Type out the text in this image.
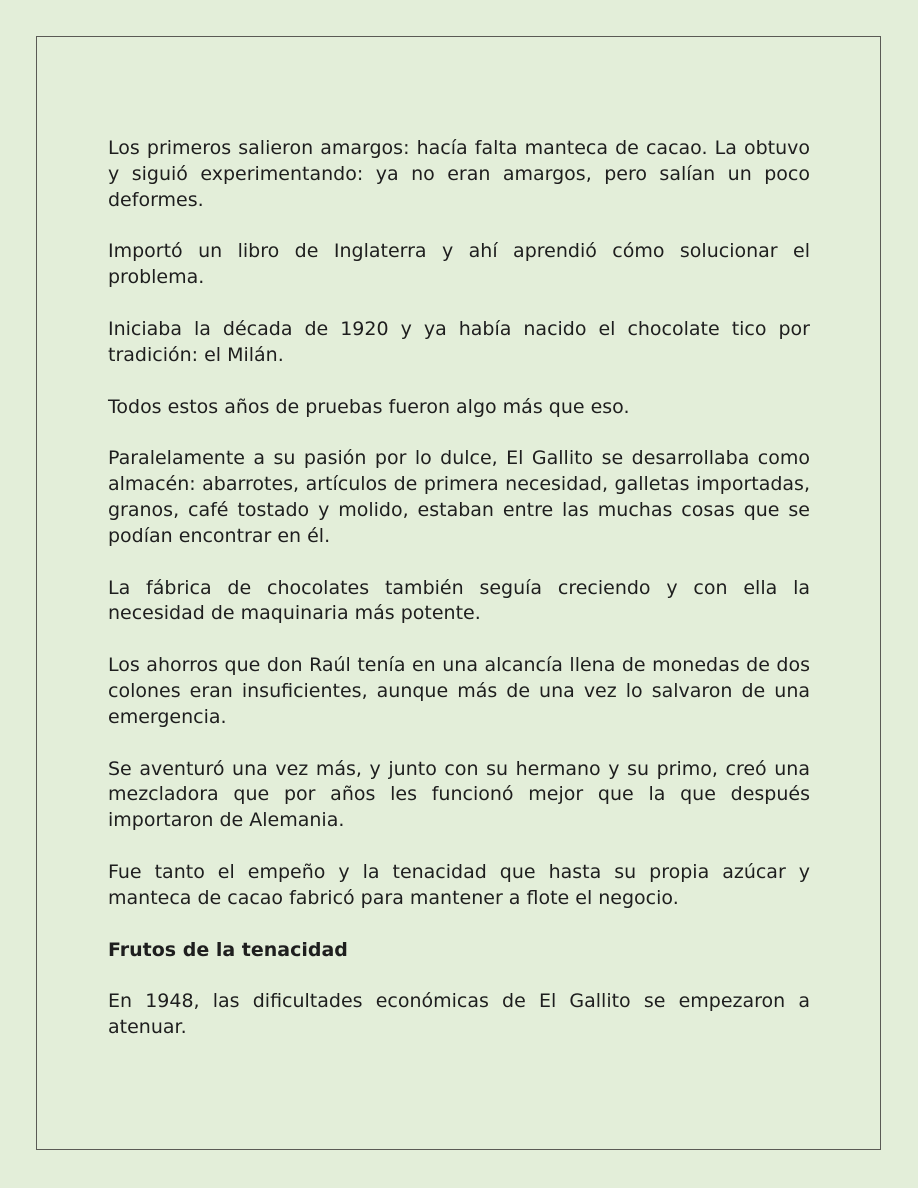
Los primeros salieron amargos: hacía falta manteca de cacao. La obtuvo y siguió experimentando: ya no eran amargos, pero salían un poco deformes.

Importó un libro de Inglaterra y ahí aprendió cómo solucionar el problema.

Iniciaba la década de 1920 y ya había nacido el chocolate tico por tradición: el Milán.

Todos estos años de pruebas fueron algo más que eso.

Paralelamente a su pasión por lo dulce, El Gallito se desarrollaba como almacén: abarrotes, artículos de primera necesidad, galletas importadas, granos, café tostado y molido, estaban entre las muchas cosas que se podían encontrar en él.

La fábrica de chocolates también seguía creciendo y con ella la necesidad de maquinaria más potente.

Los ahorros que don Raúl tenía en una alcancía llena de monedas de dos colones eran insuficientes, aunque más de una vez lo salvaron de una emergencia.

Se aventuró una vez más, y junto con su hermano y su primo, creó una mezcladora que por años les funcionó mejor que la que después importaron de Alemania.

Fue tanto el empeño y la tenacidad que hasta su propia azúcar y manteca de cacao fabricó para mantener a flote el negocio.

Frutos de la tenacidad

En 1948, las dificultades económicas de El Gallito se empezaron a atenuar.
